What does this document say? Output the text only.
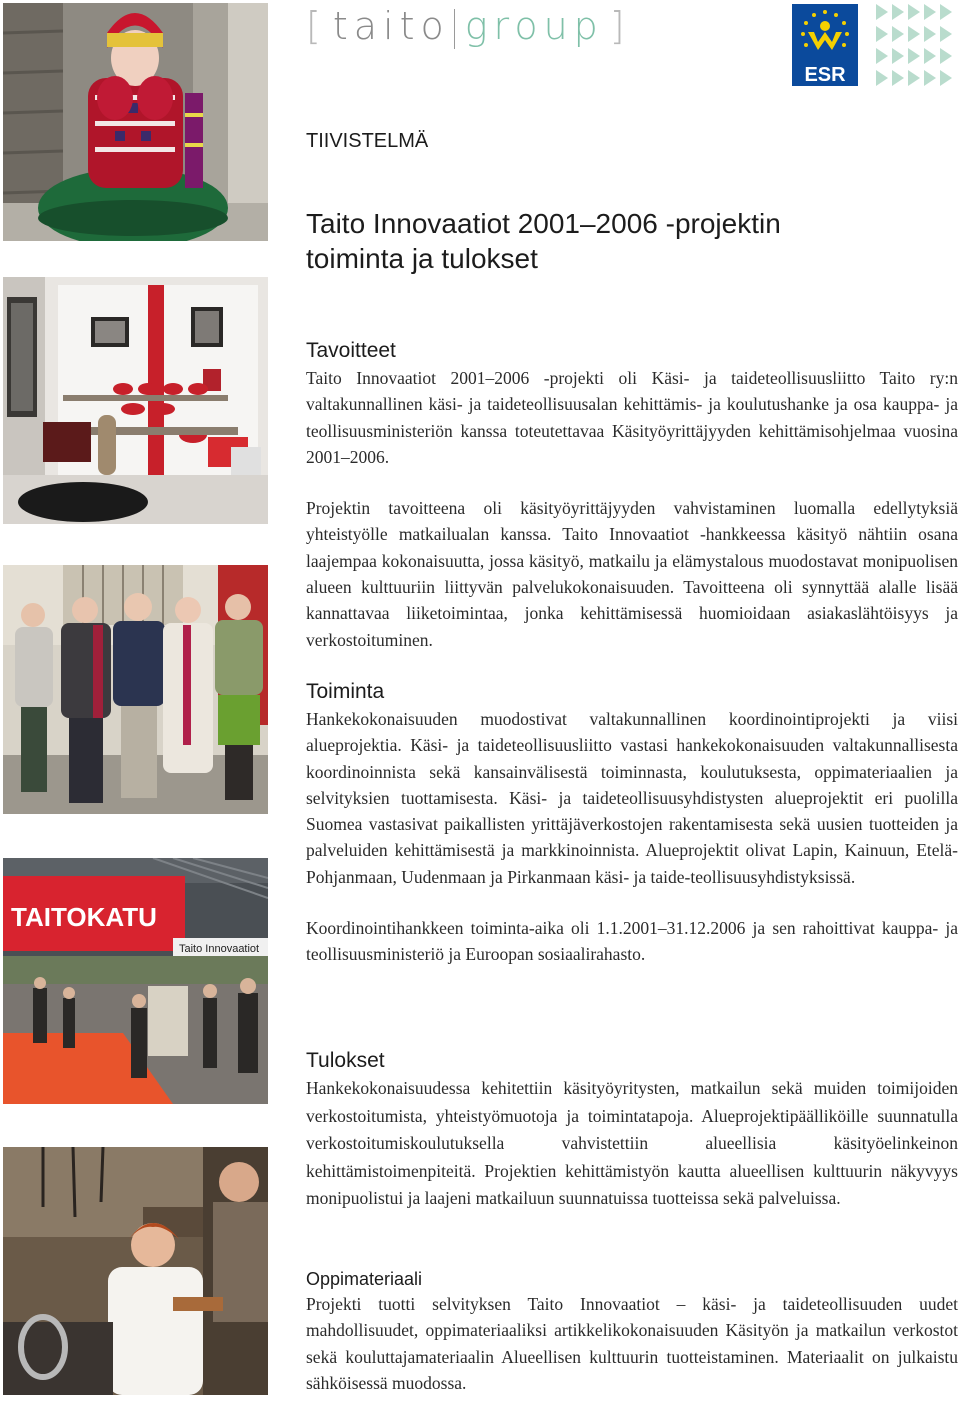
TAITOKATU
Taito Innovaatiot
[ taito group ]
ESR
TIIVISTELMÄ
Taito Innovaatiot 2001–2006 -projektin
toiminta ja tulokset
Tavoitteet

Taito Innovaatiot 2001–2006 -projekti oli Käsi- ja taideteollisuusliitto Taito ry:n valtakunnallinen käsi- ja taideteollisuusalan kehittämis- ja koulutushanke ja osa kauppa- ja teollisuusministeriön kanssa toteutettavaa Käsityöyrittäjyyden kehittämisohjelmaa vuosina 2001–2006.

Projektin tavoitteena oli käsityöyrittäjyyden vahvistaminen luomalla edellytyksiä yhteistyölle matkailualan kanssa. Taito Innovaatiot -hankkeessa käsityö nähtiin osana laajempaa kokonaisuutta, jossa käsityö, matkailu ja elämystalous muodostavat monipuolisen alueen kulttuuriin liittyvän palvelukokonaisuuden. Tavoitteena oli synnyttää alalle lisää kannattavaa liiketoimintaa, jonka kehittämisessä huomioidaan asiakaslähtöisyys ja verkostoituminen.

Toiminta

Hankekokonaisuuden muodostivat valtakunnallinen koordinointiprojekti ja viisi alueprojektia. Käsi- ja taideteollisuusliitto vastasi hankekokonaisuuden valtakunnallisesta koordinoinnista sekä kansainvälisestä toiminnasta, koulutuksesta, oppimateriaalien ja selvityksien tuottamisesta. Käsi- ja taideteollisuusyhdistysten alueprojektit eri puolilla Suomea vastasivat paikallisten yrittäjäverkostojen rakentamisesta sekä uusien tuotteiden ja palveluiden kehittämisestä ja markkinoinnista. Alueprojektit olivat Lapin, Kainuun, Etelä-Pohjanmaan, Uudenmaan ja Pirkanmaan käsi- ja taide-teollisuusyhdistyksissä.

Koordinointihankkeen toiminta-aika oli 1.1.2001–31.12.2006 ja sen rahoittivat kauppa- ja teollisuusministeriö ja Euroopan sosiaalirahasto.

Tulokset

Hankekokonaisuudessa kehitettiin käsityöyritysten, matkailun sekä muiden toimijoiden verkostoitumista, yhteistyömuotoja ja toimintatapoja. Alueprojektipäälliköille suunnatulla verkostoitumiskoulutuksella vahvistettiin alueellisia käsityöelinkeinon kehittämistoimenpiteitä. Projektien kehittämistyön kautta alueellisen kulttuurin näkyvyys monipuolistui ja laajeni matkailuun suunnatuissa tuotteissa sekä palveluissa.

Oppimateriaali

Projekti tuotti selvityksen Taito Innovaatiot – käsi- ja taideteollisuuden uudet mahdollisuudet, oppimateriaaliksi artikkelikokonaisuuden Käsityön ja matkailun verkostot sekä kouluttajamateriaalin Alueellisen kulttuurin tuotteistaminen. Materiaalit on julkaistu sähköisessä muodossa.
